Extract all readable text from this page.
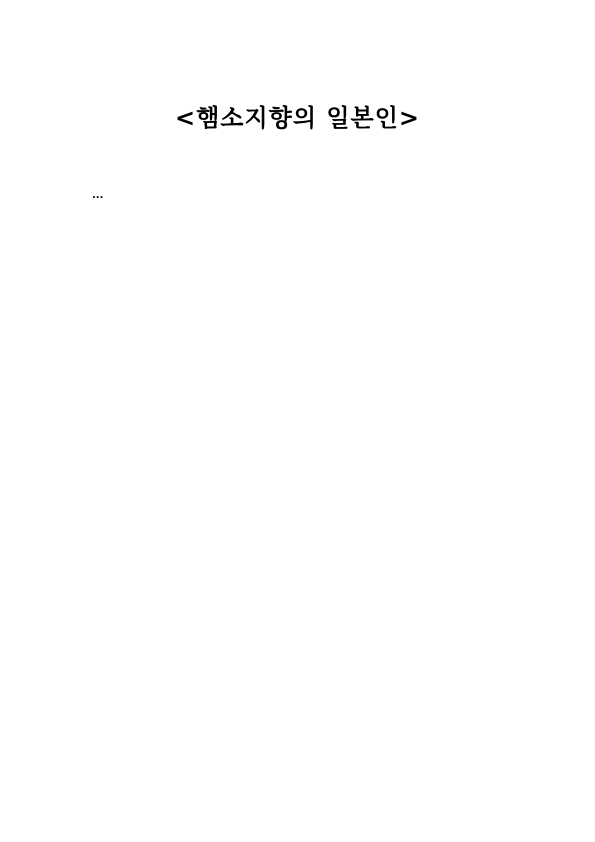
<햄소지향의 일본인>

...
